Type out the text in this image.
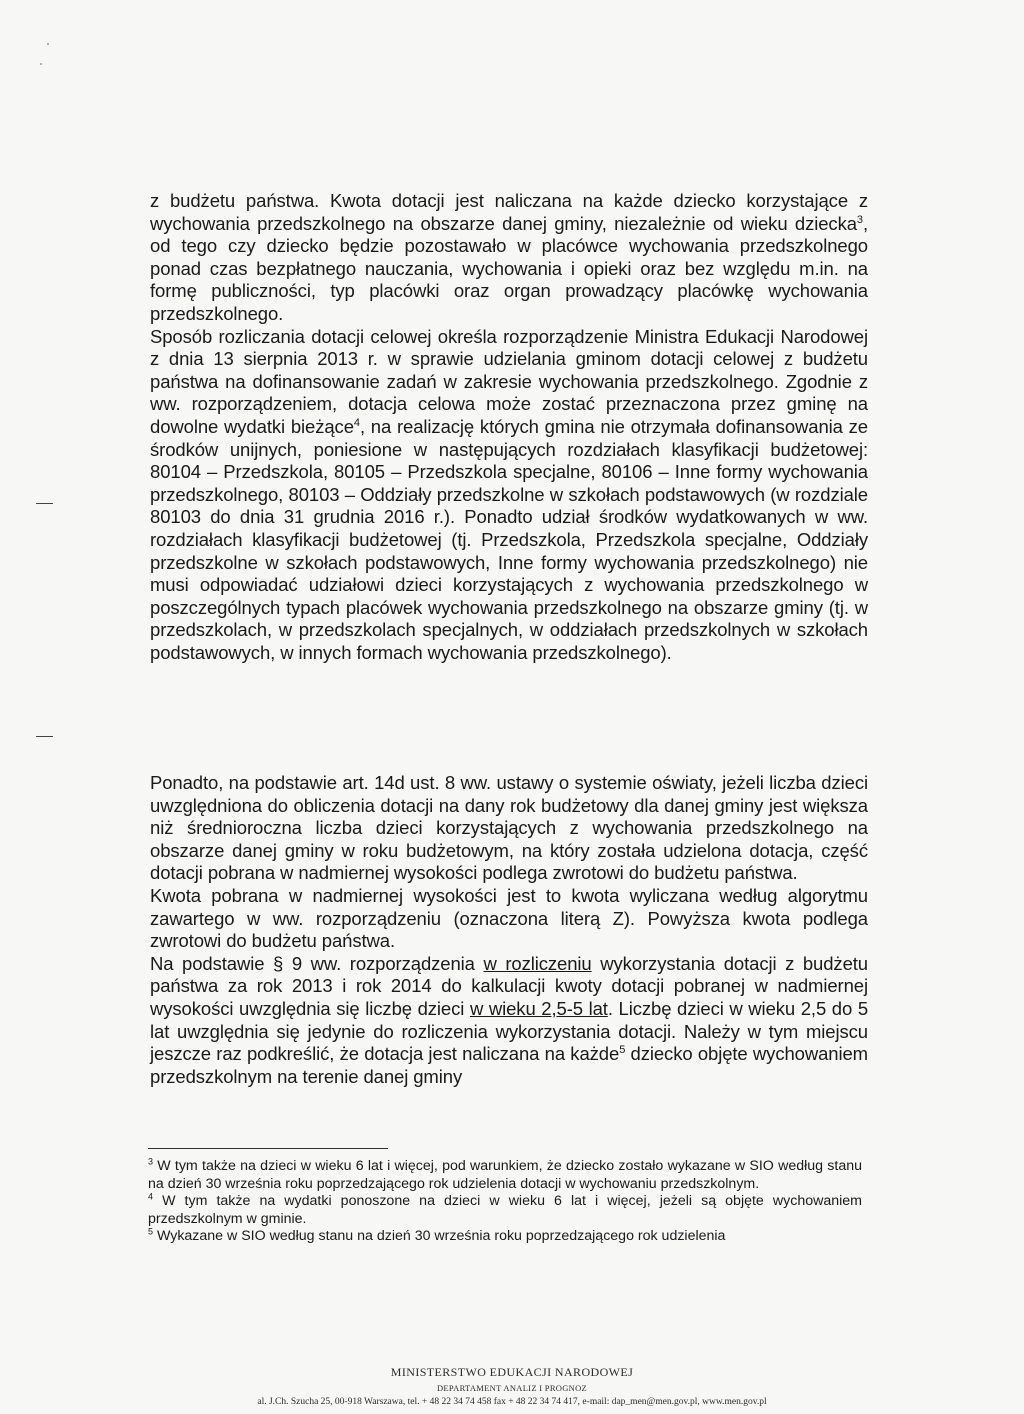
z budżetu państwa. Kwota dotacji jest naliczana na każde dziecko korzystające z wychowania przedszkolnego na obszarze danej gminy, niezależnie od wieku dziecka$^3$, od tego czy dziecko będzie pozostawało w placówce wychowania przedszkolnego ponad czas bezpłatnego nauczania, wychowania i opieki oraz bez względu m.in. na formę publiczności, typ placówki oraz organ prowadzący placówkę wychowania przedszkolnego.

Sposób rozliczania dotacji celowej określa rozporządzenie Ministra Edukacji Narodowej z dnia 13 sierpnia 2013 r. w sprawie udzielania gminom dotacji celowej z budżetu państwa na dofinansowanie zadań w zakresie wychowania przedszkolnego. Zgodnie z ww. rozporządzeniem, dotacja celowa może zostać przeznaczona przez gminę na dowolne wydatki bieżące$^4$, na realizację których gmina nie otrzymała dofinansowania ze środków unijnych, poniesione w następujących rozdziałach klasyfikacji budżetowej: 80104 – Przedszkola, 80105 – Przedszkola specjalne, 80106 – Inne formy wychowania przedszkolnego, 80103 – Oddziały przedszkolne w szkołach podstawowych (w rozdziale 80103 do dnia 31 grudnia 2016 r.). Ponadto udział środków wydatkowanych w ww. rozdziałach klasyfikacji budżetowej (tj. Przedszkola, Przedszkola specjalne, Oddziały przedszkolne w szkołach podstawowych, Inne formy wychowania przedszkolnego) nie musi odpowiadać udziałowi dzieci korzystających z wychowania przedszkolnego w poszczególnych typach placówek wychowania przedszkolnego na obszarze gminy (tj. w przedszkolach, w przedszkolach specjalnych, w oddziałach przedszkolnych w szkołach podstawowych, w innych formach wychowania przedszkolnego).

Ponadto, na podstawie art. 14d ust. 8 ww. ustawy o systemie oświaty, jeżeli liczba dzieci uwzględniona do obliczenia dotacji na dany rok budżetowy dla danej gminy jest większa niż średnioroczna liczba dzieci korzystających z wychowania przedszkolnego na obszarze danej gminy w roku budżetowym, na który została udzielona dotacja, część dotacji pobrana w nadmiernej wysokości podlega zwrotowi do budżetu państwa.

Kwota pobrana w nadmiernej wysokości jest to kwota wyliczana według algorytmu zawartego w ww. rozporządzeniu (oznaczona literą Z). Powyższa kwota podlega zwrotowi do budżetu państwa.

Na podstawie § 9 ww. rozporządzenia w rozliczeniu wykorzystania dotacji z budżetu państwa za rok 2013 i rok 2014 do kalkulacji kwoty dotacji pobranej w nadmiernej wysokości uwzględnia się liczbę dzieci w wieku 2,5-5 lat. Liczbę dzieci w wieku 2,5 do 5 lat uwzględnia się jedynie do rozliczenia wykorzystania dotacji. Należy w tym miejscu jeszcze raz podkreślić, że dotacja jest naliczana na każde$^5$ dziecko objęte wychowaniem przedszkolnym na terenie danej gminy

$^3$ W tym także na dzieci w wieku 6 lat i więcej, pod warunkiem, że dziecko zostało wykazane w SIO według stanu na dzień 30 września roku poprzedzającego rok udzielenia dotacji w wychowaniu przedszkolnym.

$^4$ W tym także na wydatki ponoszone na dzieci w wieku 6 lat i więcej, jeżeli są objęte wychowaniem przedszkolnym w gminie.

$^5$ Wykazane w SIO według stanu na dzień 30 września roku poprzedzającego rok udzielenia

MINISTERSTWO EDUKACJI NARODOWEJ
DEPARTAMENT ANALIZ I PROGNOZ
al. J.Ch. Szucha 25, 00-918 Warszawa, tel. + 48 22 34 74 458 fax + 48 22 34 74 417, e-mail: dap_men@men.gov.pl, www.men.gov.pl
